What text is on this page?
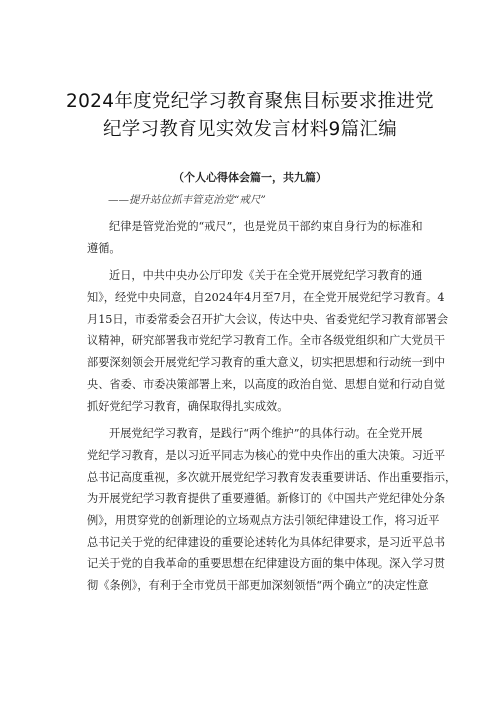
2024年度党纪学习教育聚焦目标要求推进党
纪学习教育见实效发言材料9篇汇编
（个人心得体会篇一，共九篇）
——提升站位抓丰管克治党“戒尺”
纪律是管党治党的“戒尺”，也是党员干部约束自身行为的标准和
遵循。
近日，中共中央办公厅印发《关于在全党开展党纪学习教育的通
知》，经党中央同意，自2024年4月至7月，在全党开展党纪学习教育。4
月15日，市委常委会召开扩大会议，传达中央、省委党纪学习教育部署会
议精神，研究部署我市党纪学习教育工作。全市各级党组织和广大党员干
部要深刻领会开展党纪学习教育的重大意义，切实把思想和行动统一到中
央、省委、市委决策部署上来，以高度的政治自觉、思想自觉和行动自觉
抓好党纪学习教育，确保取得扎实成效。
开展党纪学习教育，是践行“两个维护”的具体行动。在全党开展
党纪学习教育，是以习近平同志为核心的党中央作出的重大决策。习近平
总书记高度重视，多次就开展党纪学习教育发表重要讲话、作出重要指示，
为开展党纪学习教育提供了重要遵循。新修订的《中国共产党纪律处分条
例》，用贯穿党的创新理论的立场观点方法引领纪律建设工作，将习近平
总书记关于党的纪律建设的重要论述转化为具体纪律要求，是习近平总书
记关于党的自我革命的重要思想在纪律建设方面的集中体现。深入学习贯
彻《条例》，有利于全市党员干部更加深刻领悟“两个确立”的决定性意
